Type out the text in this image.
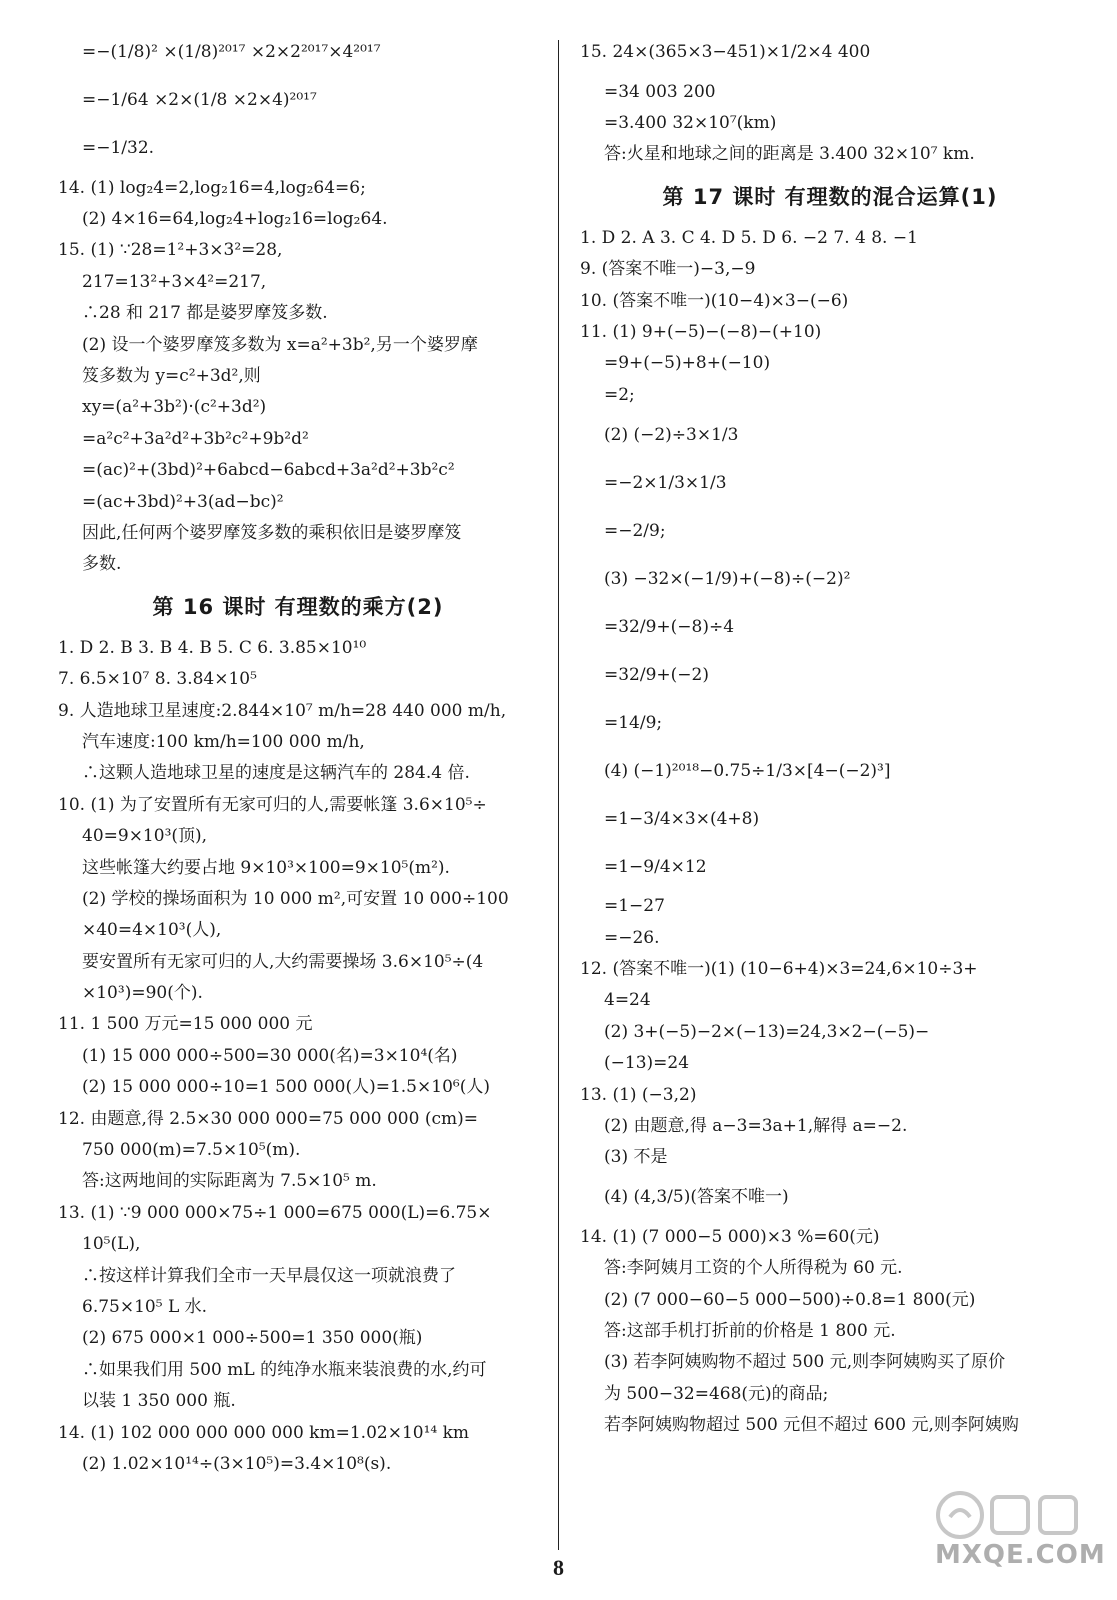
=−(1/8)² ×(1/8)²⁰¹⁷ ×2×2²⁰¹⁷×4²⁰¹⁷
=−1/64 ×2×(1/8 ×2×4)²⁰¹⁷
=−1/32.
14. (1) log₂4=2,log₂16=4,log₂64=6;
(2) 4×16=64,log₂4+log₂16=log₂64.
15. (1) ∵28=1²+3×3²=28,
217=13²+3×4²=217,
∴28 和 217 都是婆罗摩笈多数.
(2) 设一个婆罗摩笈多数为 x=a²+3b²,另一个婆罗摩
笈多数为 y=c²+3d²,则
xy=(a²+3b²)·(c²+3d²)
=a²c²+3a²d²+3b²c²+9b²d²
=(ac)²+(3bd)²+6abcd−6abcd+3a²d²+3b²c²
=(ac+3bd)²+3(ad−bc)²
因此,任何两个婆罗摩笈多数的乘积依旧是婆罗摩笈
多数.
第 16 课时 有理数的乘方(2)
1. D 2. B 3. B 4. B 5. C 6. 3.85×10¹⁰
7. 6.5×10⁷ 8. 3.84×10⁵
9. 人造地球卫星速度:2.844×10⁷ m/h=28 440 000 m/h,
汽车速度:100 km/h=100 000 m/h,
∴这颗人造地球卫星的速度是这辆汽车的 284.4 倍.
10. (1) 为了安置所有无家可归的人,需要帐篷 3.6×10⁵÷
40=9×10³(顶),
这些帐篷大约要占地 9×10³×100=9×10⁵(m²).
(2) 学校的操场面积为 10 000 m²,可安置 10 000÷100
×40=4×10³(人),
要安置所有无家可归的人,大约需要操场 3.6×10⁵÷(4
×10³)=90(个).
11. 1 500 万元=15 000 000 元
(1) 15 000 000÷500=30 000(名)=3×10⁴(名)
(2) 15 000 000÷10=1 500 000(人)=1.5×10⁶(人)
12. 由题意,得 2.5×30 000 000=75 000 000 (cm)=
750 000(m)=7.5×10⁵(m).
答:这两地间的实际距离为 7.5×10⁵ m.
13. (1) ∵9 000 000×75÷1 000=675 000(L)=6.75×
10⁵(L),
∴按这样计算我们全市一天早晨仅这一项就浪费了
6.75×10⁵ L 水.
(2) 675 000×1 000÷500=1 350 000(瓶)
∴如果我们用 500 mL 的纯净水瓶来装浪费的水,约可
以装 1 350 000 瓶.
14. (1) 102 000 000 000 000 km=1.02×10¹⁴ km
(2) 1.02×10¹⁴÷(3×10⁵)=3.4×10⁸(s).
15. 24×(365×3−451)×1/2×4 400
=34 003 200
=3.400 32×10⁷(km)
答:火星和地球之间的距离是 3.400 32×10⁷ km.
第 17 课时 有理数的混合运算(1)
1. D 2. A 3. C 4. D 5. D 6. −2 7. 4 8. −1
9. (答案不唯一)−3,−9
10. (答案不唯一)(10−4)×3−(−6)
11. (1) 9+(−5)−(−8)−(+10)
=9+(−5)+8+(−10)
=2;
(2) (−2)÷3×1/3
=−2×1/3×1/3
=−2/9;
(3) −32×(−1/9)+(−8)÷(−2)²
=32/9+(−8)÷4
=32/9+(−2)
=14/9;
(4) (−1)²⁰¹⁸−0.75÷1/3×[4−(−2)³]
=1−3/4×3×(4+8)
=1−9/4×12
=1−27
=−26.
12. (答案不唯一)(1) (10−6+4)×3=24,6×10÷3+
4=24
(2) 3+(−5)−2×(−13)=24,3×2−(−5)−
(−13)=24
13. (1) (−3,2)
(2) 由题意,得 a−3=3a+1,解得 a=−2.
(3) 不是
(4) (4,3/5)(答案不唯一)
14. (1) (7 000−5 000)×3 %=60(元)
答:李阿姨月工资的个人所得税为 60 元.
(2) (7 000−60−5 000−500)÷0.8=1 800(元)
答:这部手机打折前的价格是 1 800 元.
(3) 若李阿姨购物不超过 500 元,则李阿姨购买了原价
为 500−32=468(元)的商品;
若李阿姨购物超过 500 元但不超过 600 元,则李阿姨购
8	MXQE.COM
